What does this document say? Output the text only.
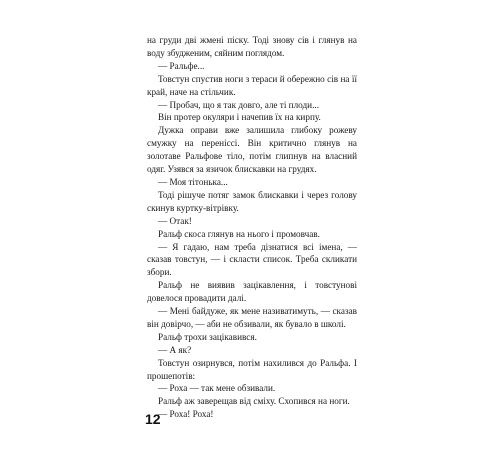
на груди дві жмені піску. Тоді знову сів і глянув на воду збудженим, сяйним поглядом.

— Ральфе...

Товстун спустив ноги з тераси й обережно сів на її край, наче на стільчик.

— Пробач, що я так довго, але ті плоди...

Він протер окуляри і начепив їх на кирпу.

Дужка оправи вже залишила глибоку рожеву смужку на переніссі. Він критично глянув на золотаве Ральфове тіло, потім глипнув на власний одяг. Узявся за язичок блискавки на грудях.

— Моя тітонька...

Тоді рішуче потяг замок блискавки і через голову скинув куртку-вітрівку.

— Отак!

Ральф скоса глянув на нього і промовчав.

— Я гадаю, нам треба дізнатися всі імена, — сказав товстун, — і скласти список. Треба скликати збори.

Ральф не виявив зацікавлення, і товстунові довелося провадити далі.

— Мені байдуже, як мене називатимуть, — сказав він довірчо, — аби не обзивали, як бувало в школі.

Ральф трохи зацікавився.

— А як?

Товстун озирнувся, потім нахилився до Ральфа. І прошепотів:

— Роха — так мене обзивали.

Ральф аж заверещав від сміху. Схопився на ноги.

— Роха! Роха!

12
